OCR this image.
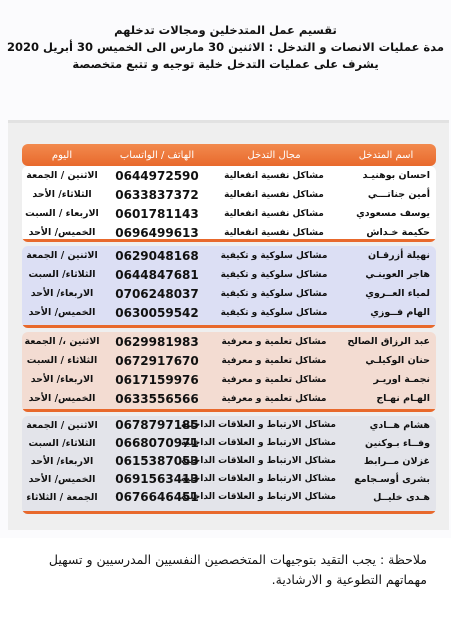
تقسيم عمل المتدخلين ومجالات تدخلهم
مدة عمليات الانصات و التدخل : الاثنين 30 مارس الى الخميس 30 أبريل 2020
يشرف على عمليات التدخل خلية توجيه و تتبع متخصصة
اسم المتدخل
مجال التدخل
الهاتف / الواتساب
اليوم
احسان بوهنيـد
مشاكل نفسية انفعالية
0644972590
الاثنين / الجمعة
أمين جناتـــي
مشاكل نفسية انفعالية
0633837372
الثلاثاء/ الأحد
يوسف مسعودي
مشاكل نفسية انفعالية
0601781143
الاربعاء / السبت
حكيمة خـداش
مشاكل نفسية انفعالية
0696499613
الخميس/ الأحد
نهيلة أزرقـان
مشاكل سلوكية و تكيفية
0629048168
الاثنين / الجمعة
هاجر العوينـي
مشاكل سلوكية و تكيفية
0644847681
الثلاثاء/ السبت
لمياء العــروي
مشاكل سلوكية و تكيفية
0706248037
الاربعاء/ الأحد
الهام فــوزي
مشاكل سلوكية و تكيفية
0630059542
الخميس/ الأحد
عبد الرزاق الصالح
مشاكل تعلمية و معرفية
0629981983
الاثنين ،/ الجمعة
حنان الوكيلـي
مشاكل تعلمية و معرفية
0672917670
الثلاثاء / السبت
نجمـة اوريـر
مشاكل تعلمية و معرفية
0617159976
الاربعاء/ الأحد
الهـام نهـاج
مشاكل تعلمية و معرفية
0633556566
الخميس/ الأحد
هشام هــادي
مشاكل الارتباط و العلاقات الداخلية
0678797185
الاثنين / الجمعة
وفــاء بـوكنين
مشاكل الارتباط و العلاقات الداخلية
0668070971
الثلاثاء/ السبت
غزلان مــرابط
مشاكل الارتباط و العلاقات الداخلية
0615387053
الاربعاء/ الأحد
بشرى أوسـجامع
مشاكل الارتباط و العلاقات الداخلية
0691563413
الخميس/ الأحد
هـدى خليــل
مشاكل الارتباط و العلاقات الداخلية
0676646451
الجمعة / الثلاثاء
ملاحظة : يجب التقيد بتوجيهات المتخصصين النفسيين المدرسيين و تسهيل
مهماتهم التطوعية و الارشادية.
